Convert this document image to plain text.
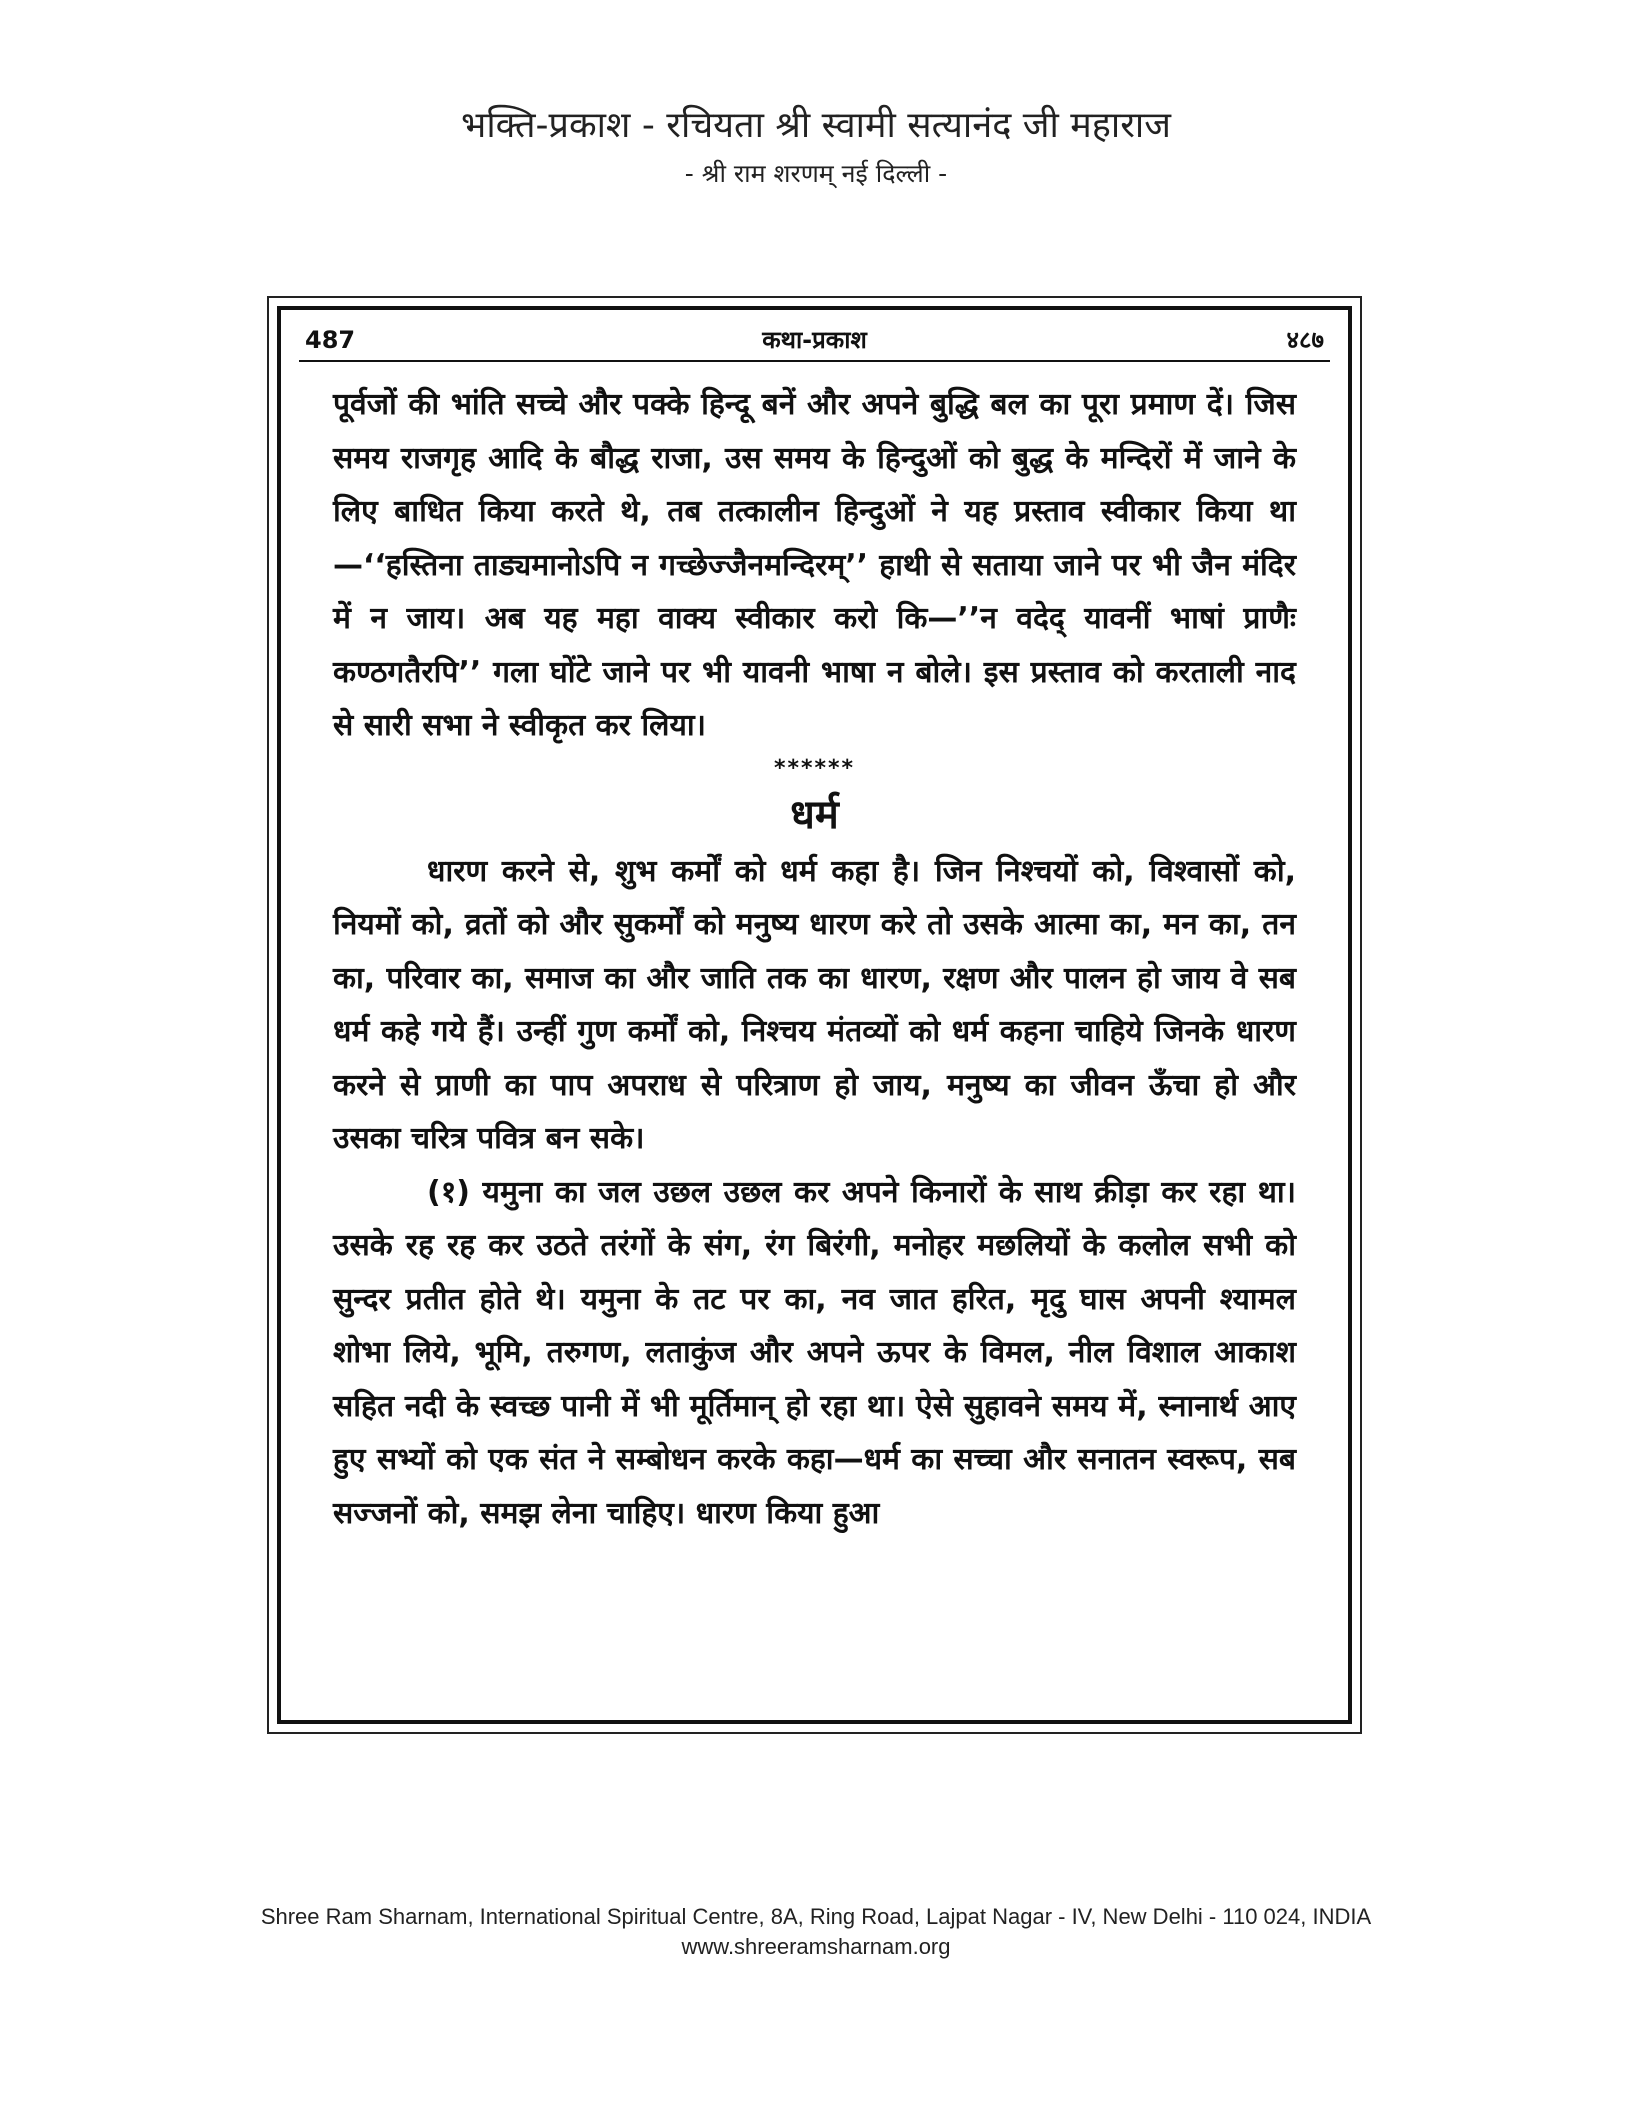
भक्ति-प्रकाश - रचियता श्री स्वामी सत्यानंद जी महाराज
- श्री राम शरणम् नई दिल्ली -
कथा-प्रकाश
487	४८७

पूर्वजों की भांति सच्चे और पक्के हिन्दू बनें और अपने बुद्धि बल का पूरा प्रमाण दें। जिस समय राजगृह आदि के बौद्ध राजा, उस समय के हिन्दुओं को बुद्ध के मन्दिरों में जाने के लिए बाधित किया करते थे, तब तत्कालीन हिन्दुओं ने यह प्रस्ताव स्वीकार किया था—‘‘हस्तिना ताड्यमानोऽपि न गच्छेज्जैनमन्दिरम्’’ हाथी से सताया जाने पर भी जैन मंदिर में न जाय। अब यह महा वाक्य स्वीकार करो कि—’’न वदेद् यावनीं भाषां प्राणैः कण्ठगतैरपि’’ गला घोंटे जाने पर भी यावनी भाषा न बोले। इस प्रस्ताव को करताली नाद से सारी सभा ने स्वीकृत कर लिया।

******
धर्म

धारण करने से, शुभ कर्मों को धर्म कहा है। जिन निश्चयों को, विश्वासों को, नियमों को, व्रतों को और सुकर्मों को मनुष्य धारण करे तो उसके आत्मा का, मन का, तन का, परिवार का, समाज का और जाति तक का धारण, रक्षण और पालन हो जाय वे सब धर्म कहे गये हैं। उन्हीं गुण कर्मों को, निश्चय मंतव्यों को धर्म कहना चाहिये जिनके धारण करने से प्राणी का पाप अपराध से परित्राण हो जाय, मनुष्य का जीवन ऊँचा हो और उसका चरित्र पवित्र बन सके।

(१) यमुना का जल उछल उछल कर अपने किनारों के साथ क्रीड़ा कर रहा था। उसके रह रह कर उठते तरंगों के संग, रंग बिरंगी, मनोहर मछलियों के कलोल सभी को सुन्दर प्रतीत होते थे। यमुना के तट पर का, नव जात हरित, मृदु घास अपनी श्यामल शोभा लिये, भूमि, तरुगण, लताकुंज और अपने ऊपर के विमल, नील विशाल आकाश सहित नदी के स्वच्छ पानी में भी मूर्तिमान् हो रहा था। ऐसे सुहावने समय में, स्नानार्थ आए हुए सभ्यों को एक संत ने सम्बोधन करके कहा—धर्म का सच्चा और सनातन स्वरूप, सब सज्जनों को, समझ लेना चाहिए। धारण किया हुआ

Shree Ram Sharnam, International Spiritual Centre, 8A, Ring Road, Lajpat Nagar - IV, New Delhi - 110 024, INDIA
www.shreeramsharnam.org
